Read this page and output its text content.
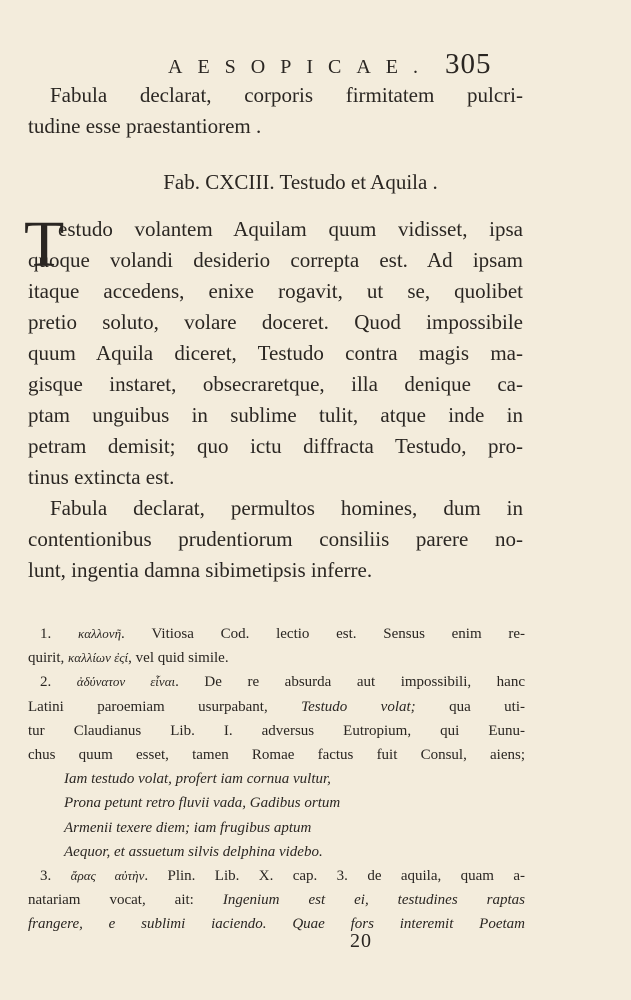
AESOPICAE. 305
Fabula declarat, corporis firmitatem pulcri-
tudine esse praestantiorem .
Fab. CXCIII. Testudo et Aquila .
T
estudo volantem Aquilam quum vidisset, ipsa
quoque volandi desiderio correpta est. Ad ipsam
itaque accedens, enixe rogavit, ut se, quolibet
pretio soluto, volare doceret. Quod impossibile
quum Aquila diceret, Testudo contra magis ma-
gisque instaret, obsecraretque, illa denique ca-
ptam unguibus in sublime tulit, atque inde in
petram demisit; quo ictu diffracta Testudo, pro-
tinus extincta est.
Fabula declarat, permultos homines, dum in
contentionibus prudentiorum consiliis parere no-
lunt, ingentia damna sibimetipsis inferre.
1. καλλονῆ. Vitiosa Cod. lectio est. Sensus enim re-
quirit, καλλίων ἐςί, vel quid simile.
2. ἀδύνατον εἶναι. De re absurda aut impossibili, hanc
Latini paroemiam usurpabant, Testudo volat; qua uti-
tur Claudianus Lib. I. adversus Eutropium, qui Eunu-
chus quum esset, tamen Romae factus fuit Consul, aiens;
Iam testudo volat, profert iam cornua vultur,
Prona petunt retro fluvii vada, Gadibus ortum
Armenii texere diem; iam frugibus aptum
Aequor, et assuetum silvis delphina videbo.
3. ἄρας αὐτὴν. Plin. Lib. X. cap. 3. de aquila, quam a-
natariam vocat, ait: Ingenium est ei, testudines raptas
frangere, e sublimi iaciendo. Quae fors interemit Poetam
20
